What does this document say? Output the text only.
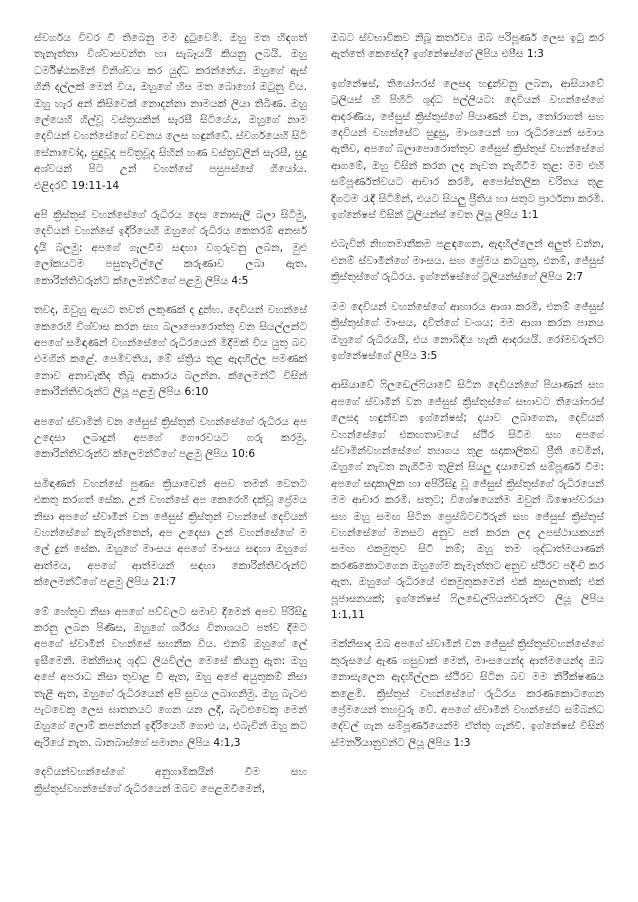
ස්වර්ගය විවර වී තිබෙනු මම දුටුවෙමි. ඔහු මත හිඳගත් තැනැත්තා විශ්වාසවන්ත හා සැබෑයයි කියනු ලබයි. ඔහු ධර්මිෂ්ඨකමින් විනිශ්චය කර යුද්ධ කරන්නේය. ඔහුගේ ඇස් ගිනි දල්ලක් මෙන් විය, ඔහුගේ හිස මත බොහෝ ඔටුනු විය. ඔහු හැර අන් කිසිවෙක් නොදන්නා නාමයක් ලියා තිබිණ. ඔහු ලේයෙහි ගිල්වූ වස්ත්‍රයකින් සැරසී සිටියේය, ඔහුගේ නාම දෙවියන් වහන්සේගේ වචනය ලෙස හඳුන්වේ. ස්වර්ගයෙහි සිටි සේනාවෝද, සුදුවූද පවිත්‍රවූද සිහින් හණ වස්ත්‍රවලින් සැරසී, සුදු අශ්වයන් පිට උන් වහන්සේ පසුපස්සේ ගියෝය. එළිදරව් 19:11-14

අපි ක්‍රිස්තුස් වහන්සේගේ රුධිරය දෙස නොසැලී බලා සිටිමු, දෙවියන් වහන්සේ ඉදිරියෙහි ඔහුගේ රුධිරය කෙතරම් අනර්ඝ දැයි බලමු: අපගේ ගැලවීම සඳහා වගුරුවනු ලබන, මුළු ලෝකයටම පසුතැවිල්ලේ කරුණාව ලබා ඇත. කොරින්තිවරුන්ට ක්ලෙමන්ට්ගේ පළමු ලිපිය 4:5

තවද, ඔවුහු ඇයට තවත් ලකුණක් ද දුන්හ. දෙවියන් වහන්සේ කෙරෙහි විශ්වාස කරන සහ බලාපොරොත්තු වන සියල්ලන්ට අපගේ සමිඳාණන් වහන්සේගේ රුධිරයෙන් මිදීමක් විය යුතු බව එමගින් කළේ. පෙමිවතිය, මේ ස්ත්‍රිය තුළ ඇදහිල්ල පමණක් නොව අනාවැකිද තිබූ ආකාරය බලන්න. ක්ලෙමන්ට් විසින් කොරින්තිවරුන්ට ලියූ පළමු ලිපිය 6:10

අපගේ ස්වාමින් වන ජේසුස් ක්‍රිස්තුන් වහන්සේගේ රුධිරය අප උදෙසා ලබාදුන් අපගේ ගෞරවයට ගරු කරමු. කොරින්තිවරුන්ට ක්ලෙමන්ට්ගේ පළමු ලිපිය 10:6

සමිඳාණන් වහන්සේ පුණ්‍ය ක්‍රියාවෙන් අපව තමන් වෙතට එකතු කරගත් සේක. උන් වහන්සේ අප කෙරෙහි දක්වූ ප්‍රේමය නිසා අපගේ ස්වාමීන් වන ජේසුස් ක්‍රිස්තුන් වහන්සේ දෙවියන් වහන්සේගේ කැමැත්තෙන්, අප උදෙසා උන් වහන්සේගේ ම ලේ දුන් සේක. ඔහුගේ මාංසය අපගේ මාංසය සඳහා ඔහුගේ ආත්මය, අපගේ ආත්මයන් සඳහා කොරින්තිවරුන්ට ක්ලෙමන්ට්ගේ පළමු ලිපිය 21:7

මේ හේතුව නිසා අපගේ පව්වලට සමාව දීමෙන් අපව පිරිසිදු කරනු ලබන පිණිස, ඔහුගේ ශරීරය විනාශයට පත්ව දීමට අපගේ ස්වාමීන් වහන්සේ සහනීක විය. එනම් ඔහුගේ ලේ ඉසීමෙනි. මක්නිසාද ශුද්ධ ලියවිල්ල මෙසේ කියනු ඇත: ඔහු අපේ අපරාධ නිසා තුවාළ වී ඇත, ඔහු අපේ අයුතුකම් නිසා තැළී ඇත, ඔහුගේ රුධිරයෙන් අපි සුවය ලබාගනිමු. ඔහු බැටළු පැටවෙකු ලෙස ඝාතනයට ගෙන යන ලදී, බැටළුවෙකු මෙන් ඔහුගේ ලොම් කපන්නන් ඉදිරියෙහි ගොළු ය, එබැවින් ඔහු කට ඇරියේ නැත. බානබාස්ගේ සමාන්‍ය ලිපිය 4:1,3

දෙවියන්වහන්සේගේ අනුගාමිකයින් වීම සහ ක්‍රිස්තුස්වහන්සේගේ රුධිරයෙන් ඔබව පෙළඹවීමෙන්,

ඔබට ස්වභාවිකව නිබූ කර්තව්‍ය ඔබ පරිපූර්ණ ලෙස ඉටු කර ඇත්තේ කෙසේද? ඉග්නේෂස්ගේ ලිපිය එපීස 1:3

ඉග්නේෂස්, තියෝෆරස් ලෙසද හඳුන්වනු ලබන, ආසියාවේ ට්‍රලියස් හි පිහිටි ශුද්ධ පල්ලියට: දෙවියන් වහන්සේගේ ආදරණීය, ජේසුස් ක්‍රිස්තුස්ගේ පියාණන් වන, තෝරාගත් සහ දෙවියන් වහන්සේට සුදුසු, මාංශයෙන් හා රුධිරයෙන් සමාය ඇතිව, අපගේ බලාපොරොත්තුව ජේසුස් ක්‍රිස්තුස් වහන්සේගේ ආගමේ, ඔහු විසින් කරන ලද නැවත නැගිටීම තුළ: මම එහි සම්පූර්ණත්වයට ආචාර කරමි, අපෝස්තලික චරිතය තුළ දිගටම රැඳී සිටිමින්, එයට සියලු ප්‍රීතිය හා සතුට ප්‍රාර්ථනා කරමි. ඉග්නේෂස් විසින් ට්‍රලියන්ස් වෙත ලියූ ලිපිය 1:1

එබැවින් නිහතමානීකම පළඳගෙන, ඇදහිල්ලෙන් අලුත් වන්න, එනම් ස්වාමීන්ගේ මාංසය. සහ ප්‍රේමය කටයුතු, එනම්, ජේසුස් ක්‍රිස්තුස්ගේ රුධිරය. ඉග්නේෂස්ගේ ට්‍රලියන්ස්ගේ ලිපිය 2:7

මම දෙවියන් වහන්සේගේ ආහාරය ආශා කරමි, එනම් ජේසුස් ක්‍රිස්තුස්ගේ මාංසය, දාවිත්ගේ වංශය; මම ආශා කරන පානය ඔහුගේ රුධිරයයි, එය නොබිඳිය හැකි ආදරයයි. රෝමවරුන්ට ඉග්නේෂස්ගේ ලිපිය 3:5

ආසියාවේ ෆිලඩෙල්ෆියාවේ සිටින දෙවියන්ගේ පියාණන් සහ අපගේ ස්වාමීන් වන ජේසුස් ක්‍රිස්තුස්ගේ සභාවට තියෝෆරස් ලෙසද හඳුන්වන ඉග්නේෂස්; දයාව ලබාගෙන, දෙවියන් වහන්සේගේ එකඟතාවයේ ස්ථිර සිටීම සහ අපගේ ස්වාමින්වහන්සේගේ ත්‍යාගය තුළ සදාකාලිකව ප්‍රීති වෙමින්, ඔහුගේ නැවත නැගිටීම තුළින් සියලු දයාවෙන් සම්පූර්ණ වීම: අපගේ සදාකාලික හා අපිරිසිදු වූ ජේසුස් ක්‍රිස්තුස්ගේ රුධිරයෙන් මම ආචාර කරමි. සතුට; විශේෂයෙන්ම ඔවුන් බිෂොප්වරයා සහ ඔහු සමඟ සිටින ප්‍රෙස්බිටර්වරුන් සහ ජේසුස් ක්‍රිස්තුස් වහන්සේගේ මනසට අනුව පත් කරන ලද උපස්ථායකයන් සමඟ එකමුතුව සිටී නම්; ඔහු තම ශුද්ධාත්මයාණන් කරණකොටගෙන ඔහුගේම කැමැත්තට අනුව ස්ථිරව පදිංචි කර ඇත. ඔහුගේ රුධිරයේ එකමුතුකමෙන් එක් කුසලතාක්; එක් පූජාසනයක්; ඉග්නේෂස් ෆිලඩෙල්ෆියන්වරුන්ට ලියූ ලිපිය 1:1,11

මක්නිසාද ඔබ අපගේ ස්වාමීන් වන ජේසුස් ක්‍රිස්තුස්වහන්සේගේ කුරුසයේ ඇණ ගසුවාක් මෙන්, මාංසයෙන්ද ආත්මයෙන්ද ඔබ නොසැලෙන ඇදහිල්ලක ස්ථිරව සිටින බව මම නිරීක්ෂණය කළෙමි. ක්‍රිස්තුස් වහන්සේගේ රුධිරය කරණකොටගෙන ප්‍රේමයෙන් තහවුරු වේ. අපගේ ස්වාමීන් වහන්සේට සම්බන්ධ දේවල් ගැන සම්පූර්ණයෙන්ම ඒත්තු ගැන්වී. ඉග්නේෂස් විසින් ස්මර්නියානුවන්ට ලියූ ලිපිය 1:3
